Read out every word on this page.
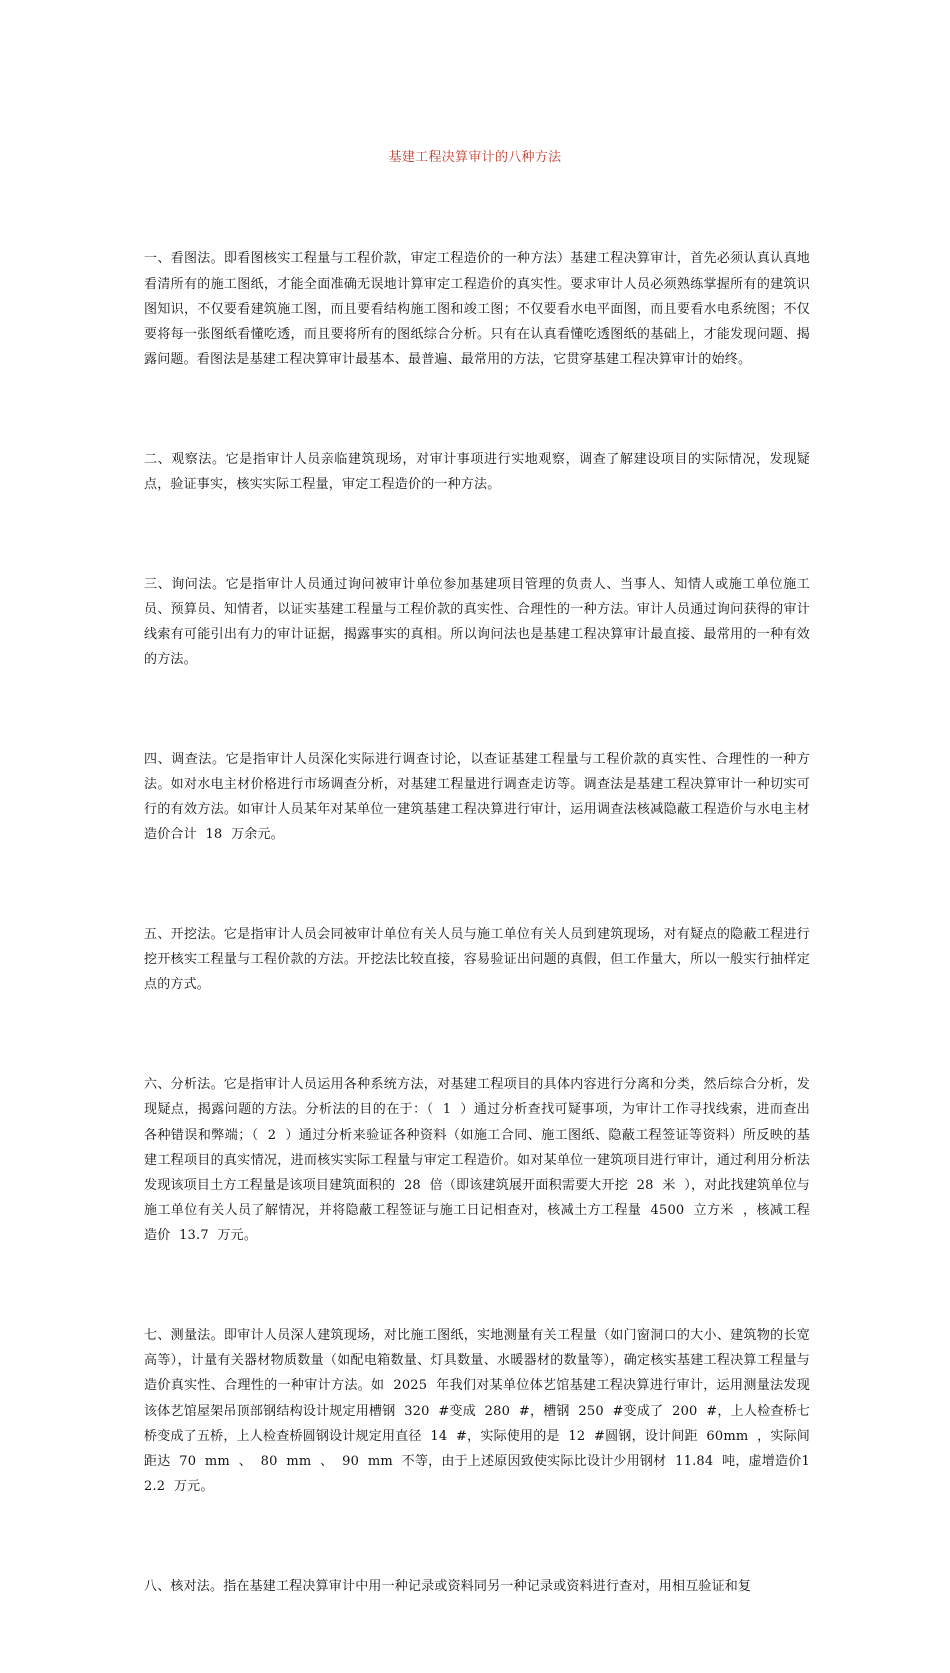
基建工程决算审计的八种方法

一、看图法。即看图核实工程量与工程价款，审定工程造价的一种方法）基建工程决算审计，首先必须认真认真地看清所有的施工图纸，才能全面准确无误地计算审定工程造价的真实性。要求审计人员必须熟练掌握所有的建筑识图知识，不仅要看建筑施工图，而且要看结构施工图和竣工图；不仅要看水电平面图，而且要看水电系统图；不仅要将每一张图纸看懂吃透，而且要将所有的图纸综合分析。只有在认真看懂吃透图纸的基础上，才能发现问题、揭露问题。看图法是基建工程决算审计最基本、最普遍、最常用的方法，它贯穿基建工程决算审计的始终。

二、观察法。它是指审计人员亲临建筑现场，对审计事项进行实地观察，调查了解建设项目的实际情况，发现疑点，验证事实，核实实际工程量，审定工程造价的一种方法。

三、询问法。它是指审计人员通过询问被审计单位参加基建项目管理的负责人、当事人、知情人或施工单位施工员、预算员、知情者，以证实基建工程量与工程价款的真实性、合理性的一种方法。审计人员通过询问获得的审计线索有可能引出有力的审计证据，揭露事实的真相。所以询问法也是基建工程决算审计最直接、最常用的一种有效的方法。

四、调查法。它是指审计人员深化实际进行调查讨论，以查证基建工程量与工程价款的真实性、合理性的一种方法。如对水电主材价格进行市场调查分析，对基建工程量进行调查走访等。调查法是基建工程决算审计一种切实可行的有效方法。如审计人员某年对某单位一建筑基建工程决算进行审计，运用调查法核减隐蔽工程造价与水电主材造价合计  18  万余元。

五、开挖法。它是指审计人员会同被审计单位有关人员与施工单位有关人员到建筑现场，对有疑点的隐蔽工程进行挖开核实工程量与工程价款的方法。开挖法比较直接，容易验证出问题的真假，但工作量大，所以一般实行抽样定点的方式。

六、分析法。它是指审计人员运用各种系统方法，对基建工程项目的具体内容进行分离和分类，然后综合分析，发现疑点，揭露问题的方法。分析法的目的在于：（  1  ）通过分析查找可疑事项，为审计工作寻找线索，进而查出各种错误和弊端；（  2  ）通过分析来验证各种资料（如施工合同、施工图纸、隐蔽工程签证等资料）所反映的基建工程项目的真实情况，进而核实实际工程量与审定工程造价。如对某单位一建筑项目进行审计，通过利用分析法发现该项目土方工程量是该项目建筑面积的  28  倍（即该建筑展开面积需要大开挖  28  米  ），对此找建筑单位与施工单位有关人员了解情况，并将隐蔽工程签证与施工日记相查对，核减土方工程量  4500  立方米  ，核减工程造价  13.7  万元。

七、测量法。即审计人员深人建筑现场，对比施工图纸，实地测量有关工程量（如门窗洞口的大小、建筑物的长宽高等），计量有关器材物质数量（如配电箱数量、灯具数量、水暖器材的数量等），确定核实基建工程决算工程量与造价真实性、合理性的一种审计方法。如  2025  年我们对某单位体艺馆基建工程决算进行审计，运用测量法发现该体艺馆屋架吊顶部钢结构设计规定用槽钢  320  #变成  280  #，槽钢  250  #变成了  200  #，上人检查桥七桥变成了五桥，上人检查桥圆钢设计规定用直径  14  #，实际使用的是  12  #圆钢，设计间距  60mm  ，实际间距达  70  mm  、  80  mm  、  90  mm  不等，由于上述原因致使实际比设计少用钢材  11.84  吨，虚增造价12.2  万元。

八、核对法。指在基建工程决算审计中用一种记录或资料同另一种记录或资料进行查对，用相互验证和复
